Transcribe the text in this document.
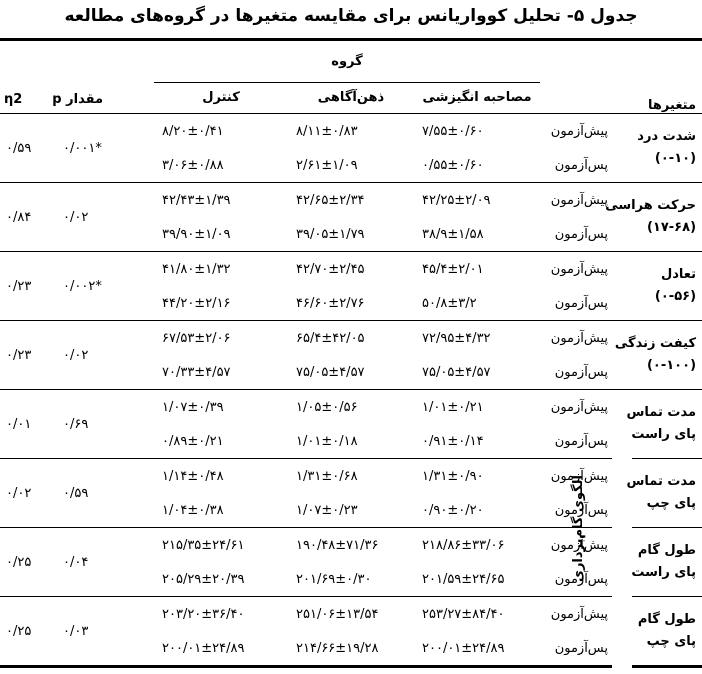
جدول ۵- تحلیل کوواریانس برای مقایسه متغیرها در گروه‌های مطالعه
متغیرها			گروه				مقدار p	η2
			مصاحبه انگیزشی	ذهن‌آگاهی	کنترل			
شدت درد
(۰-۱۰)		پیش‌آزمون	۷/۵۵±۰/۶۰	۸/۱۱±۰/۸۳	۸/۲۰±۰/۴۱		*۰/۰۰۱	۰/۵۹
		پس‌آزمون	۰/۵۵±۰/۶۰	۲/۶۱±۱/۰۹	۳/۰۶±۰/۸۸			
حرکت هراسی
(۱۷-۶۸)		پیش‌آزمون	۴۲/۲۵±۲/۰۹	۴۲/۶۵±۲/۳۴	۴۲/۴۳±۱/۳۹		۰/۰۲	۰/۸۴
		پس‌آزمون	۳۸/۹±۱/۵۸	۳۹/۰۵±۱/۷۹	۳۹/۹۰±۱/۰۹			
تعادل
(۰-۵۶)		پیش‌آزمون	۴۵/۴±۲/۰۱	۴۲/۷۰±۲/۴۵	۴۱/۸۰±۱/۳۲		*۰/۰۰۲	۰/۲۳
		پس‌آزمون	۵۰/۸±۳/۲	۴۶/۶۰±۲/۷۶	۴۴/۲۰±۲/۱۶			
کیفت زندگی
(۰-۱۰۰)		پیش‌آزمون	۷۲/۹۵±۴/۳۲	۶۵/۴±۴۲/۰۵	۶۷/۵۳±۲/۰۶		۰/۰۲	۰/۲۳
		پس‌آزمون	۷۵/۰۵±۴/۵۷	۷۵/۰۵±۴/۵۷	۷۰/۳۳±۴/۵۷			
مدت تماس
پای راست	الگوی گام‌برداری	پیش‌آزمون	۱/۰۱±۰/۲۱	۱/۰۵±۰/۵۶	۱/۰۷±۰/۳۹		۰/۶۹	۰/۰۱
		پس‌آزمون	۰/۹۱±۰/۱۴	۱/۰۱±۰/۱۸	۰/۸۹±۰/۲۱			
مدت تماس
پای چپ		پیش‌آزمون	۱/۳۱±۰/۹۰	۱/۳۱±۰/۶۸	۱/۱۴±۰/۴۸		۰/۵۹	۰/۰۲
		پس‌آزمون	۰/۹۰±۰/۲۰	۱/۰۷±۰/۲۳	۱/۰۴±۰/۳۸			
طول گام
پای راست		پیش‌آزمون	۲۱۸/۸۶±۳۳/۰۶	۱۹۰/۴۸±۷۱/۳۶	۲۱۵/۳۵±۲۴/۶۱		۰/۰۴	۰/۲۵
		پس‌آزمون	۲۰۱/۵۹±۲۴/۶۵	۲۰۱/۶۹±۰/۳۰	۲۰۵/۲۹±۲۰/۳۹			
طول گام
پای چپ		پیش‌آزمون	۲۵۳/۲۷±۸۴/۴۰	۲۵۱/۰۶±۱۳/۵۴	۲۰۳/۲۰±۳۶/۴۰		۰/۰۳	۰/۲۵
		پس‌آزمون	۲۰۰/۰۱±۲۴/۸۹	۲۱۴/۶۶±۱۹/۲۸	۲۰۰/۰۱±۲۴/۸۹			
